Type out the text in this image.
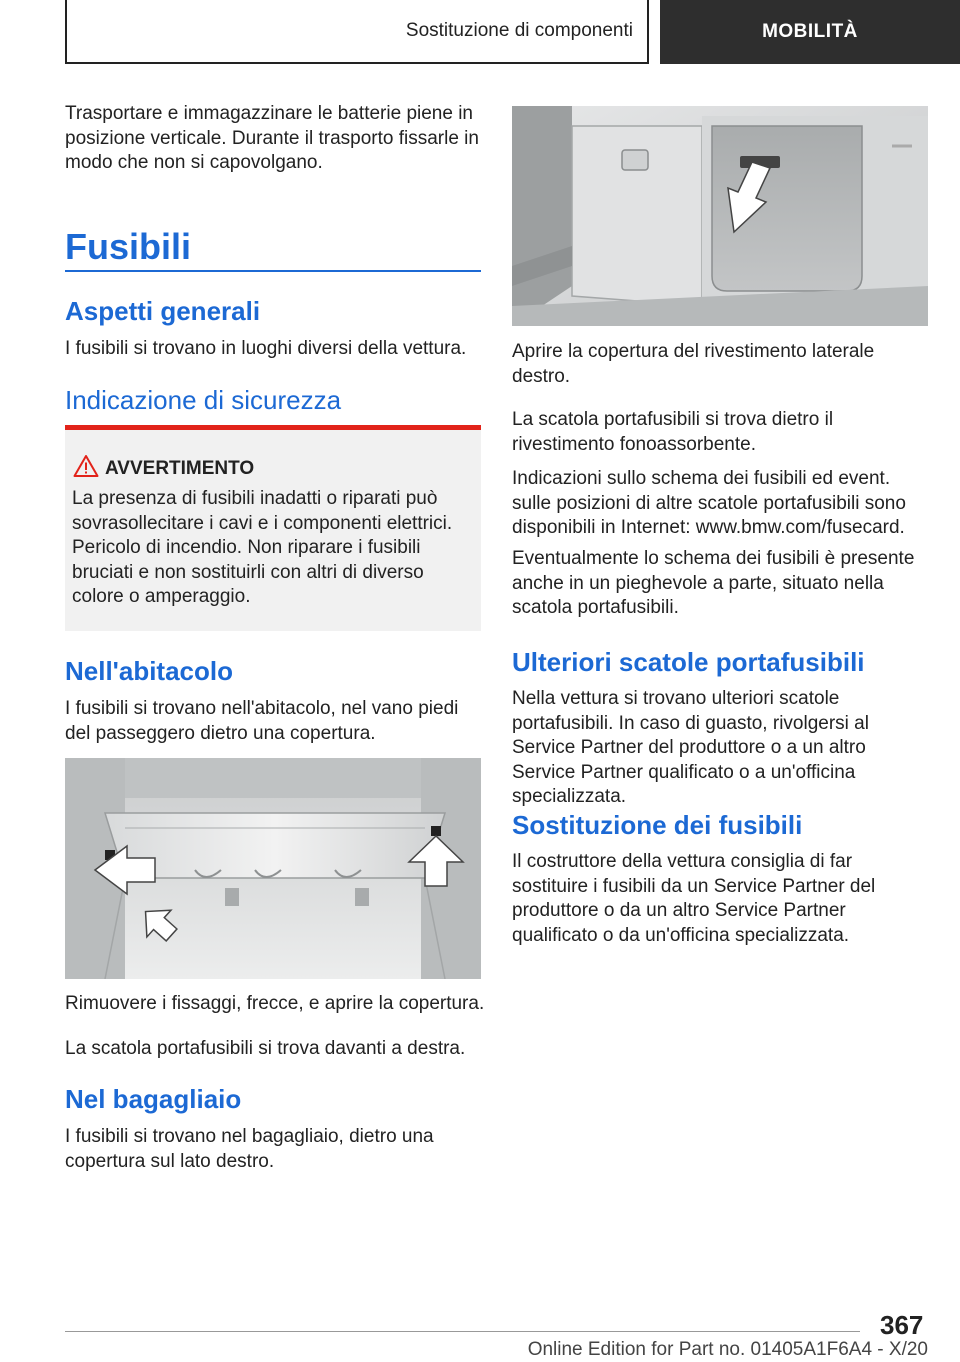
Sostituzione di componenti	MOBILITÀ

Trasportare e immagazzinare le batterie piene in posizione verticale. Durante il trasporto fissarle in modo che non si capovolgano.

Fusibili
Aspetti generali

I fusibili si trovano in luoghi diversi della vettura.

Indicazione di sicurezza
AVVERTIMENTO

La presenza di fusibili inadatti o riparati può sovrasollecitare i cavi e i componenti elettrici. Pericolo di incendio. Non riparare i fusibili bruciati e non sostituirli con altri di diverso colore o amperaggio.

Nell'abitacolo

I fusibili si trovano nell'abitacolo, nel vano piedi del passeggero dietro una copertura.

Rimuovere i fissaggi, frecce, e aprire la copertura.

La scatola portafusibili si trova davanti a destra.

Nel bagagliaio

I fusibili si trovano nel bagagliaio, dietro una copertura sul lato destro.

Aprire la copertura del rivestimento laterale destro.

La scatola portafusibili si trova dietro il rivestimento fonoassorbente.

Indicazioni sullo schema dei fusibili ed event. sulle posizioni di altre scatole portafusibili sono disponibili in Internet: www.bmw.com/fusecard.

Eventualmente lo schema dei fusibili è presente anche in un pieghevole a parte, situato nella scatola portafusibili.

Ulteriori scatole portafusibili

Nella vettura si trovano ulteriori scatole portafusibili. In caso di guasto, rivolgersi al Service Partner del produttore o a un altro Service Partner qualificato o a un'officina specializzata.

Sostituzione dei fusibili

Il costruttore della vettura consiglia di far sostituire i fusibili da un Service Partner del produttore o da un altro Service Partner qualificato o da un'officina specializzata.

367
Online Edition for Part no. 01405A1F6A4 - X/20
